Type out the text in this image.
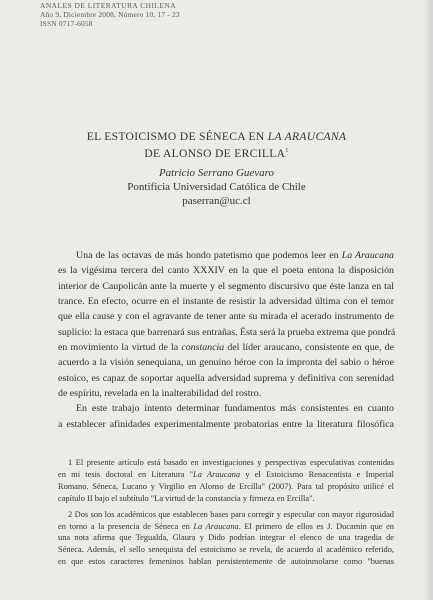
ANALES DE LITERATURA CHILENA
Año 9, Diciembre 2008, Número 10, 17 - 23
ISSN 0717-6058
EL ESTOICISMO DE SÉNECA EN LA ARAUCANA
DE ALONSO DE ERCILLA$^1$
Patricio Serrano Guevaro
Pontificia Universidad Católica de Chile
paserran@uc.cl
Una de las octavas de más hondo patetismo que podemos leer en La Araucana
es la vigésima tercera del canto XXXIV en la que el poeta entona la disposición
interior de Caupolicán ante la muerte y el segmento discursivo que éste lanza en tal
trance. En efecto, ocurre en el instante de resistir la adversidad última con el temor
que ella cause y con el agravante de tener ante su mirada el acerado instrumento de
suplicio: la estaca que barrenará sus entrañas. Ésta será la prueba extrema que pondrá
en movimiento la virtud de la constancia del líder araucano, consistente en que, de
acuerdo a la visión senequiana, un genuino héroe con la impronta del sabio o héroe
estoico, es capaz de soportar aquella adversidad suprema y definitiva con serenidad
de espíritu, revelada en la inalterabilidad del rostro.
En este trabajo intento determinar fundamentos más consistentes en cuanto
a establecer afinidades experimentalmente probatorias entre la literatura filosófica
1 El presente artículo está basado en investigaciones y perspectivas especulativas contenidas
en mi tesis doctoral en Literatura "La Araucana y el Estoicismo Renacentista e Imperial
Romano. Séneca, Lucano y Virgilio en Alonso de Ercilla" (2007). Para tal propósito utilicé el
capítulo II bajo el subtítulo "La virtud de la constancia y firmeza en Ercilla".
2 Dos son los académicos que establecen bases para corregir y especular con mayor rigurosidad
en torno a la presencia de Séneca en La Araucana. El primero de ellos es J. Ducamin que en
una nota afirma que Tegualda, Glaura y Dido podrían integrar el elenco de una tragedia de
Séneca. Además, el sello senequista del estoicismo se revela, de acuerdo al académico referido,
en que estos caracteres femeninos hablan persistentemente de autoinmolarse como "buenas
